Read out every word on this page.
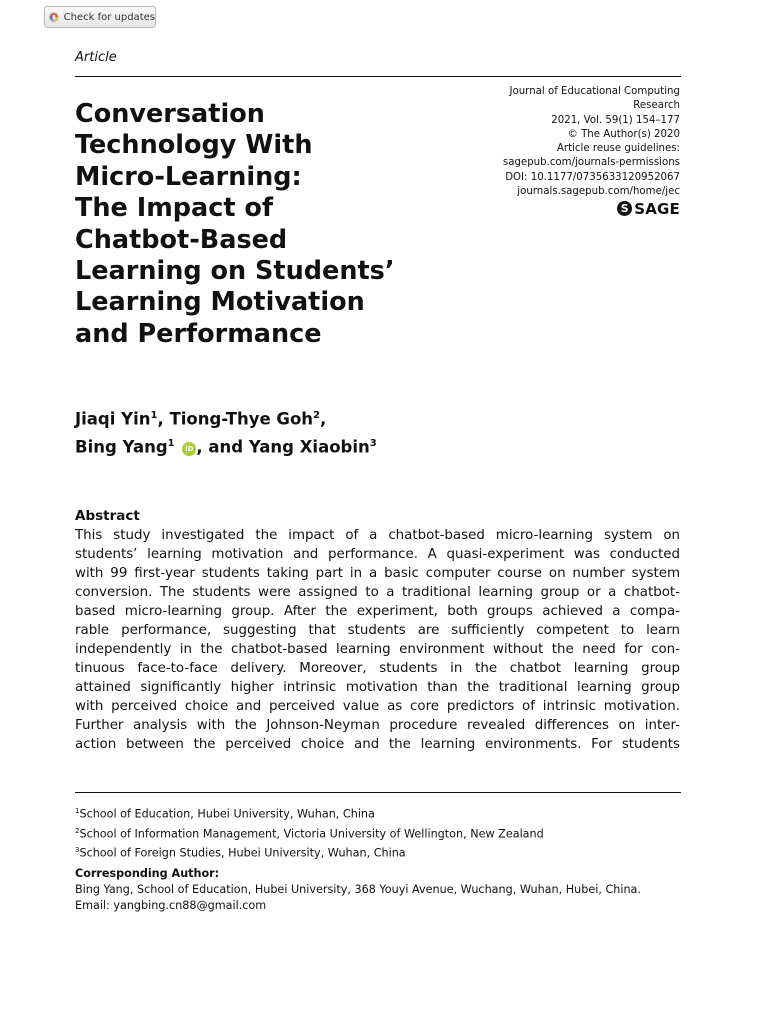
Check for updates
Article
Journal of Educational Computing
Research
2021, Vol. 59(1) 154–177
© The Author(s) 2020
Article reuse guidelines:
sagepub.com/journals-permissions
DOI: 10.1177/0735633120952067
journals.sagepub.com/home/jec
S SAGE
Conversation
Technology With
Micro-Learning:
The Impact of
Chatbot-Based
Learning on Students’
Learning Motivation
and Performance
Jiaqi Yin$^1$, Tiong-Thye Goh$^2$,
Bing Yang$^1$ iD , and Yang Xiaobin$^3$
Abstract
This study investigated the impact of a chatbot-based micro-learning system on
students’ learning motivation and performance. A quasi-experiment was conducted
with 99 first-year students taking part in a basic computer course on number system
conversion. The students were assigned to a traditional learning group or a chatbot-
based micro-learning group. After the experiment, both groups achieved a compa-
rable performance, suggesting that students are sufficiently competent to learn
independently in the chatbot-based learning environment without the need for con-
tinuous face-to-face delivery. Moreover, students in the chatbot learning group
attained significantly higher intrinsic motivation than the traditional learning group
with perceived choice and perceived value as core predictors of intrinsic motivation.
Further analysis with the Johnson-Neyman procedure revealed differences on inter-
action between the perceived choice and the learning environments. For students
$^1$School of Education, Hubei University, Wuhan, China
$^2$School of Information Management, Victoria University of Wellington, New Zealand
$^3$School of Foreign Studies, Hubei University, Wuhan, China
Corresponding Author:
Bing Yang, School of Education, Hubei University, 368 Youyi Avenue, Wuchang, Wuhan, Hubei, China.
Email: yangbing.cn88@gmail.com
